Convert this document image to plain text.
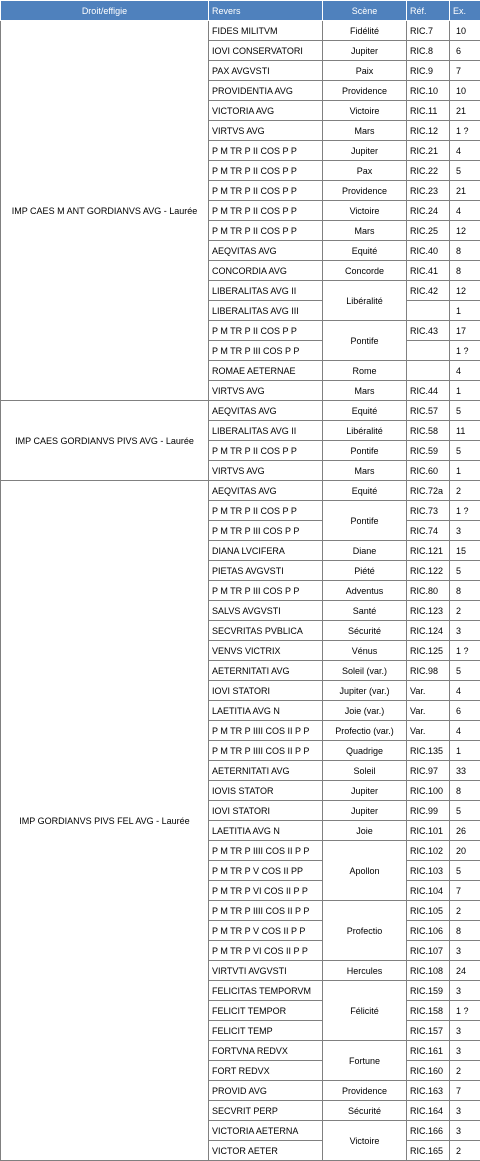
Droit/effigie	Revers	Scène	Réf.	Ex.
IMP CAES M ANT GORDIANVS AVG - Laurée	FIDES MILITVM	Fidélité	RIC.7	10
	IOVI CONSERVATORI	Jupiter	RIC.8	6
	PAX AVGVSTI	Paix	RIC.9	7
	PROVIDENTIA AVG	Providence	RIC.10	10
	VICTORIA AVG	Victoire	RIC.11	21
	VIRTVS AVG	Mars	RIC.12	1 ?
	P M TR P II COS P P	Jupiter	RIC.21	4
	P M TR P II COS P P	Pax	RIC.22	5
	P M TR P II COS P P	Providence	RIC.23	21
	P M TR P II COS P P	Victoire	RIC.24	4
	P M TR P II COS P P	Mars	RIC.25	12
	AEQVITAS AVG	Equité	RIC.40	8
	CONCORDIA AVG	Concorde	RIC.41	8
	LIBERALITAS AVG II	Libéralité	RIC.42	12
	LIBERALITAS AVG III			1
	P M TR P II COS P P	Pontife	RIC.43	17
	P M TR P III COS P P			1 ?
	ROMAE AETERNAE	Rome		4
	VIRTVS AVG	Mars	RIC.44	1
IMP CAES GORDIANVS PIVS AVG - Laurée	AEQVITAS AVG	Equité	RIC.57	5
	LIBERALITAS AVG II	Libéralité	RIC.58	11
	P M TR P II COS P P	Pontife	RIC.59	5
	VIRTVS AVG	Mars	RIC.60	1
IMP GORDIANVS PIVS FEL AVG - Laurée	AEQVITAS AVG	Equité	RIC.72a	2
	P M TR P II COS P P	Pontife	RIC.73	1 ?
	P M TR P III COS P P		RIC.74	3
	DIANA LVCIFERA	Diane	RIC.121	15
	PIETAS AVGVSTI	Piété	RIC.122	5
	P M TR P III COS P P	Adventus	RIC.80	8
	SALVS AVGVSTI	Santé	RIC.123	2
	SECVRITAS PVBLICA	Sécurité	RIC.124	3
	VENVS VICTRIX	Vénus	RIC.125	1 ?
	AETERNITATI AVG	Soleil (var.)	RIC.98	5
	IOVI STATORI	Jupiter (var.)	Var.	4
	LAETITIA AVG N	Joie (var.)	Var.	6
	P M TR P IIII COS II P P	Profectio (var.)	Var.	4
	P M TR P IIII COS II P P	Quadrige	RIC.135	1
	AETERNITATI AVG	Soleil	RIC.97	33
	IOVIS STATOR	Jupiter	RIC.100	8
	IOVI STATORI	Jupiter	RIC.99	5
	LAETITIA AVG N	Joie	RIC.101	26
	P M TR P IIII COS II P P	Apollon	RIC.102	20
	P M TR P V COS II PP		RIC.103	5
	P M TR P VI COS II P P		RIC.104	7
	P M TR P IIII COS II P P	Profectio	RIC.105	2
	P M TR P V COS II P P		RIC.106	8
	P M TR P VI COS II P P		RIC.107	3
	VIRTVTI AVGVSTI	Hercules	RIC.108	24
	FELICITAS TEMPORVM	Félicité	RIC.159	3
	FELICIT TEMPOR		RIC.158	1 ?
	FELICIT TEMP		RIC.157	3
	FORTVNA REDVX	Fortune	RIC.161	3
	FORT REDVX		RIC.160	2
	PROVID AVG	Providence	RIC.163	7
	SECVRIT PERP	Sécurité	RIC.164	3
	VICTORIA AETERNA	Victoire	RIC.166	3
	VICTOR AETER		RIC.165	2
